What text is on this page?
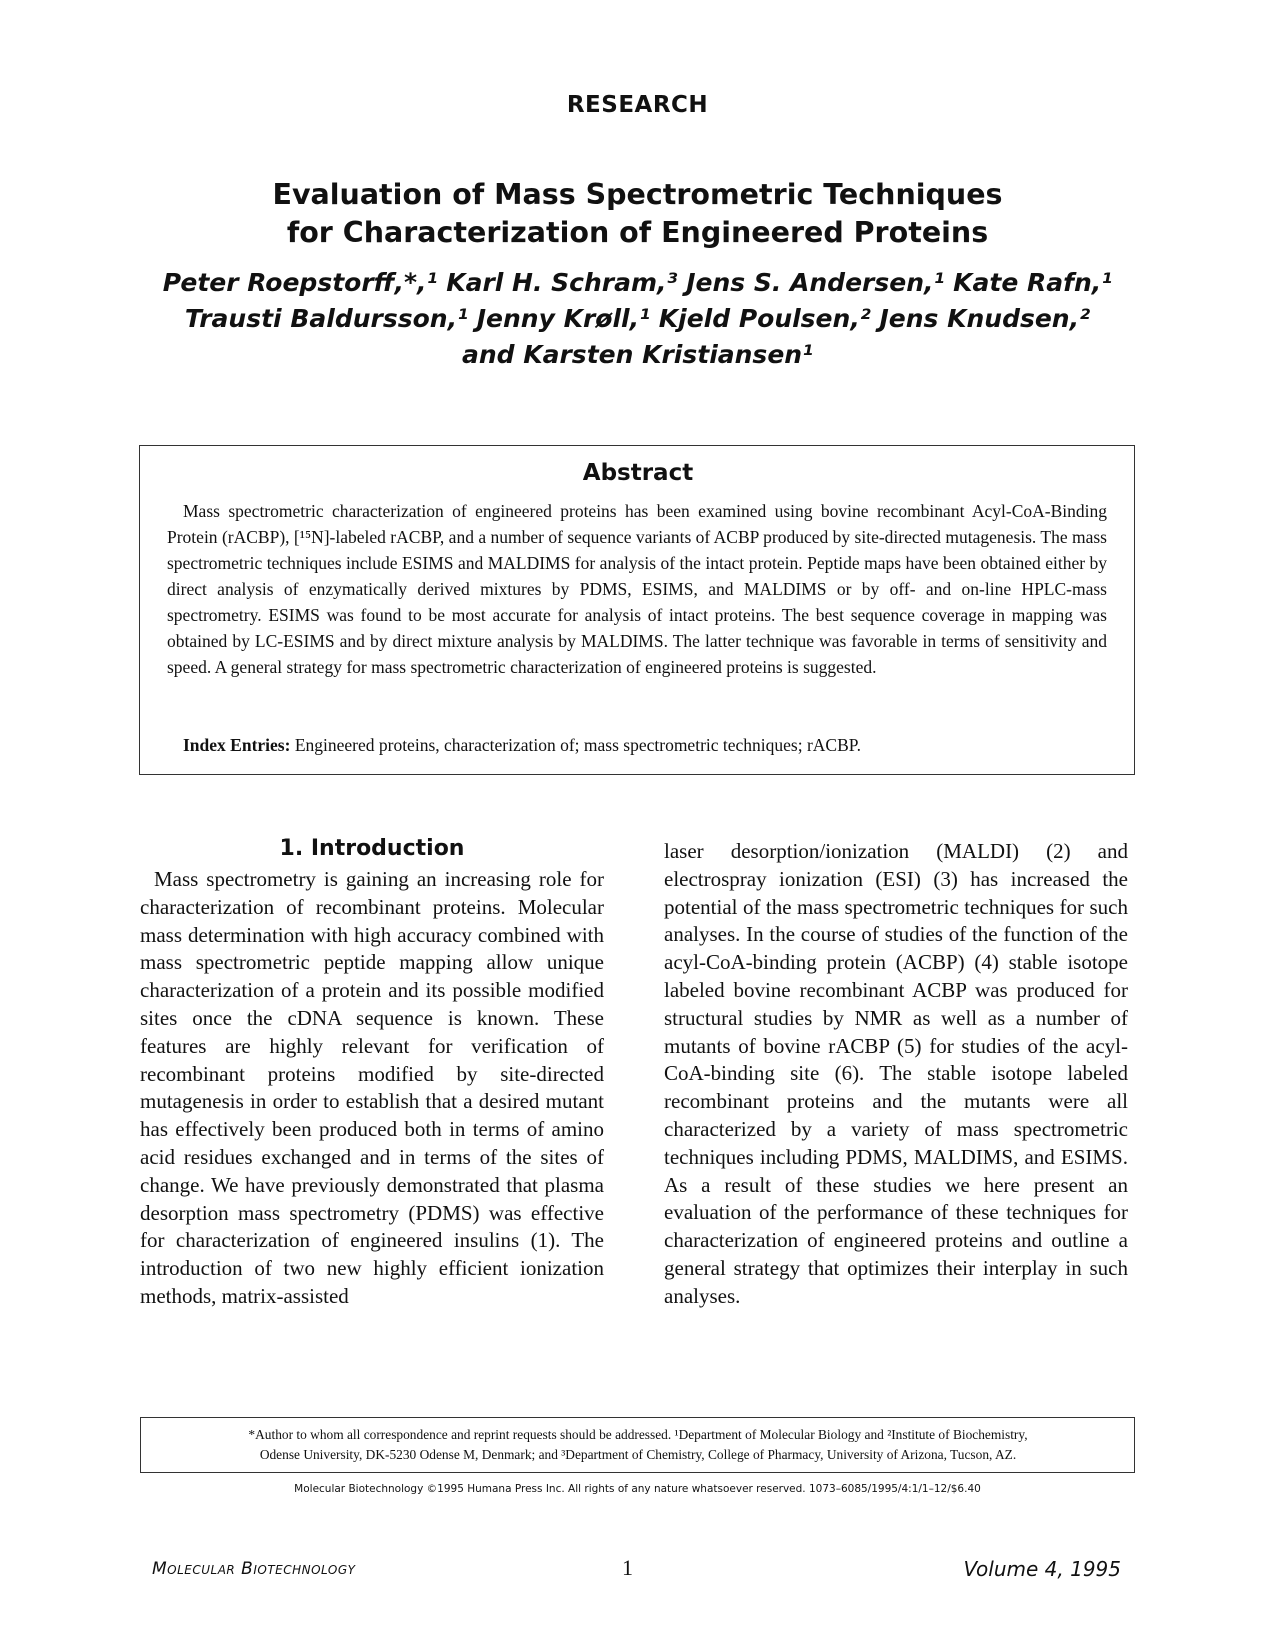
RESEARCH
Evaluation of Mass Spectrometric Techniques
for Characterization of Engineered Proteins
Peter Roepstorff,*,¹ Karl H. Schram,³ Jens S. Andersen,¹ Kate Rafn,¹
Trausti Baldursson,¹ Jenny Krøll,¹ Kjeld Poulsen,² Jens Knudsen,²
and Karsten Kristiansen¹
Abstract

Mass spectrometric characterization of engineered proteins has been examined using bovine recombinant Acyl-CoA-Binding Protein (rACBP), [¹⁵N]-labeled rACBP, and a number of sequence variants of ACBP produced by site-directed mutagenesis. The mass spectrometric techniques include ESIMS and MALDIMS for analysis of the intact protein. Peptide maps have been obtained either by direct analysis of enzymatically derived mixtures by PDMS, ESIMS, and MALDIMS or by off- and on-line HPLC-mass spectrometry. ESIMS was found to be most accurate for analysis of intact proteins. The best sequence coverage in mapping was obtained by LC-ESIMS and by direct mixture analysis by MALDIMS. The latter technique was favorable in terms of sensitivity and speed. A general strategy for mass spectrometric characterization of engineered proteins is suggested.

Index Entries: Engineered proteins, characterization of; mass spectrometric techniques; rACBP.

1. Introduction

Mass spectrometry is gaining an increasing role for characterization of recombinant proteins. Molecular mass determination with high accuracy combined with mass spectrometric peptide mapping allow unique characterization of a protein and its possible modified sites once the cDNA sequence is known. These features are highly relevant for verification of recombinant proteins modified by site-directed mutagenesis in order to establish that a desired mutant has effectively been produced both in terms of amino acid residues exchanged and in terms of the sites of change. We have previously demonstrated that plasma desorption mass spectrometry (PDMS) was effective for characterization of engineered insulins (1). The introduction of two new highly efficient ionization methods, matrix-assisted

laser desorption/ionization (MALDI) (2) and electrospray ionization (ESI) (3) has increased the potential of the mass spectrometric techniques for such analyses. In the course of studies of the function of the acyl-CoA-binding protein (ACBP) (4) stable isotope labeled bovine recombinant ACBP was produced for structural studies by NMR as well as a number of mutants of bovine rACBP (5) for studies of the acyl-CoA-binding site (6). The stable isotope labeled recombinant proteins and the mutants were all characterized by a variety of mass spectrometric techniques including PDMS, MALDIMS, and ESIMS. As a result of these studies we here present an evaluation of the performance of these techniques for characterization of engineered proteins and outline a general strategy that optimizes their interplay in such analyses.

*Author to whom all correspondence and reprint requests should be addressed. ¹Department of Molecular Biology and ²Institute of Biochemistry,
Odense University, DK-5230 Odense M, Denmark; and ³Department of Chemistry, College of Pharmacy, University of Arizona, Tucson, AZ.
Molecular Biotechnology ©1995 Humana Press Inc. All rights of any nature whatsoever reserved. 1073–6085/1995/4:1/1–12/$6.40
Molecular Biotechnology	1	Volume 4, 1995
